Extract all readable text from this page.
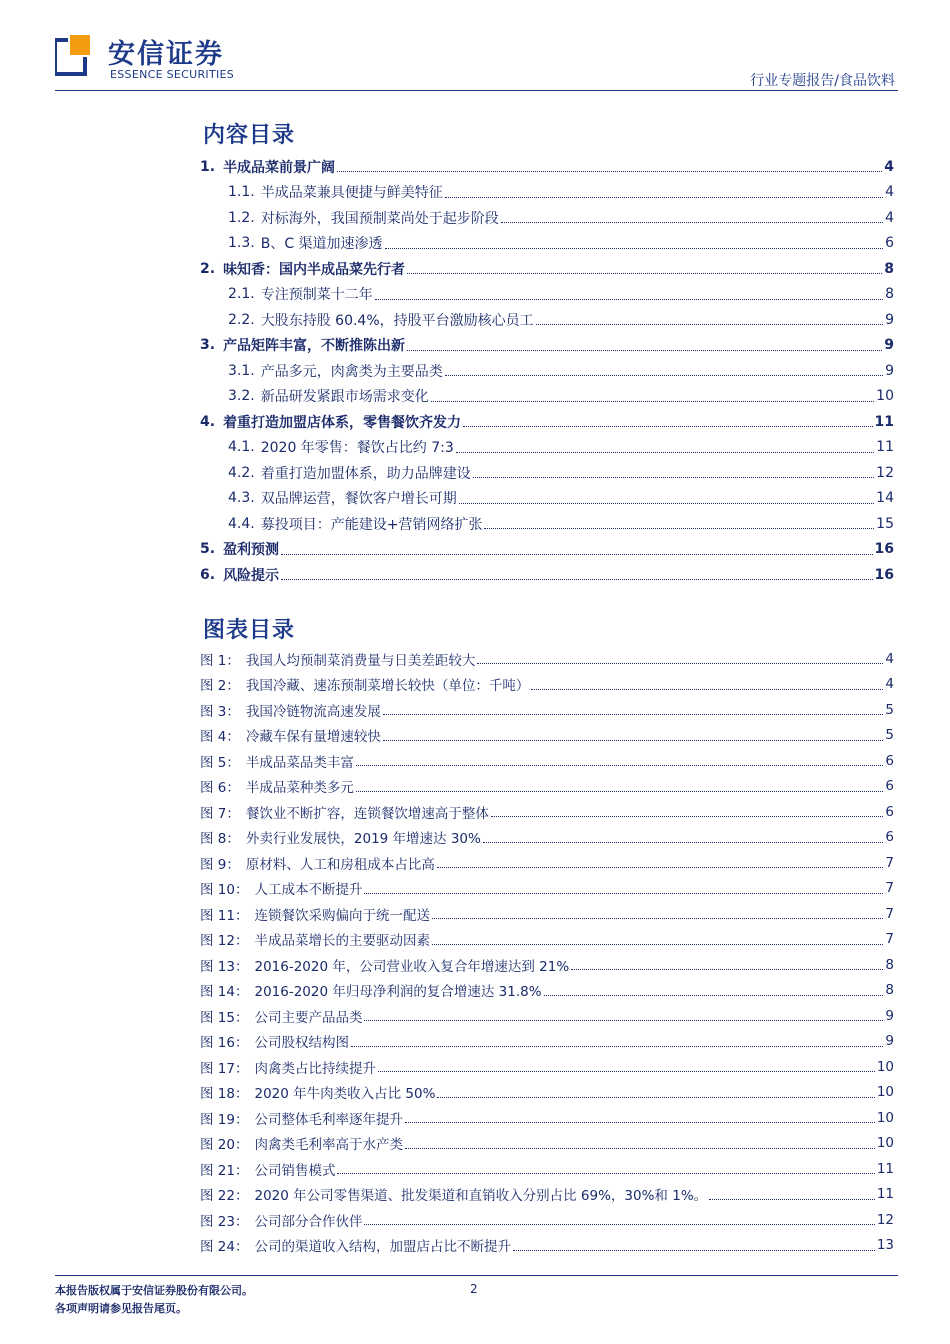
安信证券
ESSENCE SECURITIES	行业专题报告/食品饮料
内容目录
1. 半成品菜前景广阔	4
1.1. 半成品菜兼具便捷与鲜美特征	4
1.2. 对标海外，我国预制菜尚处于起步阶段	4
1.3. B、C 渠道加速渗透	6
2. 味知香：国内半成品菜先行者	8
2.1. 专注预制菜十二年	8
2.2. 大股东持股 60.4%，持股平台激励核心员工	9
3. 产品矩阵丰富，不断推陈出新	9
3.1. 产品多元，肉禽类为主要品类	9
3.2. 新品研发紧跟市场需求变化	10
4. 着重打造加盟店体系，零售餐饮齐发力	11
4.1. 2020 年零售：餐饮占比约 7:3	11
4.2. 着重打造加盟体系，助力品牌建设	12
4.3. 双品牌运营，餐饮客户增长可期	14
4.4. 募投项目：产能建设+营销网络扩张	15
5. 盈利预测	16
6. 风险提示	16
图表目录
图 1： 我国人均预制菜消费量与日美差距较大	4
图 2： 我国冷藏、速冻预制菜增长较快（单位：千吨）	4
图 3： 我国冷链物流高速发展	5
图 4： 冷藏车保有量增速较快	5
图 5： 半成品菜品类丰富	6
图 6： 半成品菜种类多元	6
图 7： 餐饮业不断扩容，连锁餐饮增速高于整体	6
图 8： 外卖行业发展快，2019 年增速达 30%	6
图 9： 原材料、人工和房租成本占比高	7
图 10： 人工成本不断提升	7
图 11： 连锁餐饮采购偏向于统一配送	7
图 12： 半成品菜增长的主要驱动因素	7
图 13： 2016-2020 年，公司营业收入复合年增速达到 21%	8
图 14： 2016-2020 年归母净利润的复合增速达 31.8%	8
图 15： 公司主要产品品类	9
图 16： 公司股权结构图	9
图 17： 肉禽类占比持续提升	10
图 18： 2020 年牛肉类收入占比 50%	10
图 19： 公司整体毛利率逐年提升	10
图 20： 肉禽类毛利率高于水产类	10
图 21： 公司销售模式	11
图 22： 2020 年公司零售渠道、批发渠道和直销收入分别占比 69%，30%和 1%。	11
图 23： 公司部分合作伙伴	12
图 24： 公司的渠道收入结构，加盟店占比不断提升	13
本报告版权属于安信证券股份有限公司。
各项声明请参见报告尾页。
2
